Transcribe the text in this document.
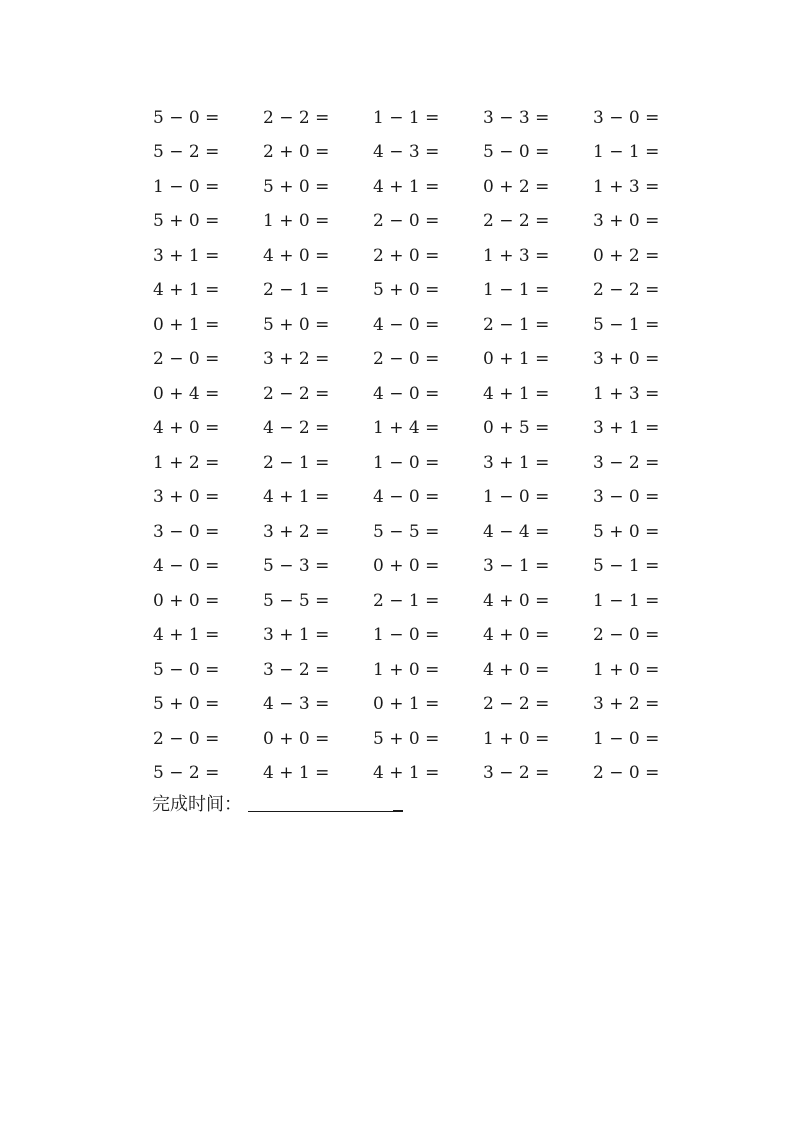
5 − 0 =	2 − 2 =	1 − 1 =	3 − 3 =	3 − 0 =
5 − 2 =	2 + 0 =	4 − 3 =	5 − 0 =	1 − 1 =
1 − 0 =	5 + 0 =	4 + 1 =	0 + 2 =	1 + 3 =
5 + 0 =	1 + 0 =	2 − 0 =	2 − 2 =	3 + 0 =
3 + 1 =	4 + 0 =	2 + 0 =	1 + 3 =	0 + 2 =
4 + 1 =	2 − 1 =	5 + 0 =	1 − 1 =	2 − 2 =
0 + 1 =	5 + 0 =	4 − 0 =	2 − 1 =	5 − 1 =
2 − 0 =	3 + 2 =	2 − 0 =	0 + 1 =	3 + 0 =
0 + 4 =	2 − 2 =	4 − 0 =	4 + 1 =	1 + 3 =
4 + 0 =	4 − 2 =	1 + 4 =	0 + 5 =	3 + 1 =
1 + 2 =	2 − 1 =	1 − 0 =	3 + 1 =	3 − 2 =
3 + 0 =	4 + 1 =	4 − 0 =	1 − 0 =	3 − 0 =
3 − 0 =	3 + 2 =	5 − 5 =	4 − 4 =	5 + 0 =
4 − 0 =	5 − 3 =	0 + 0 =	3 − 1 =	5 − 1 =
0 + 0 =	5 − 5 =	2 − 1 =	4 + 0 =	1 − 1 =
4 + 1 =	3 + 1 =	1 − 0 =	4 + 0 =	2 − 0 =
5 − 0 =	3 − 2 =	1 + 0 =	4 + 0 =	1 + 0 =
5 + 0 =	4 − 3 =	0 + 1 =	2 − 2 =	3 + 2 =
2 − 0 =	0 + 0 =	5 + 0 =	1 + 0 =	1 − 0 =
5 − 2 =	4 + 1 =	4 + 1 =	3 − 2 =	2 − 0 =
完成时间：
